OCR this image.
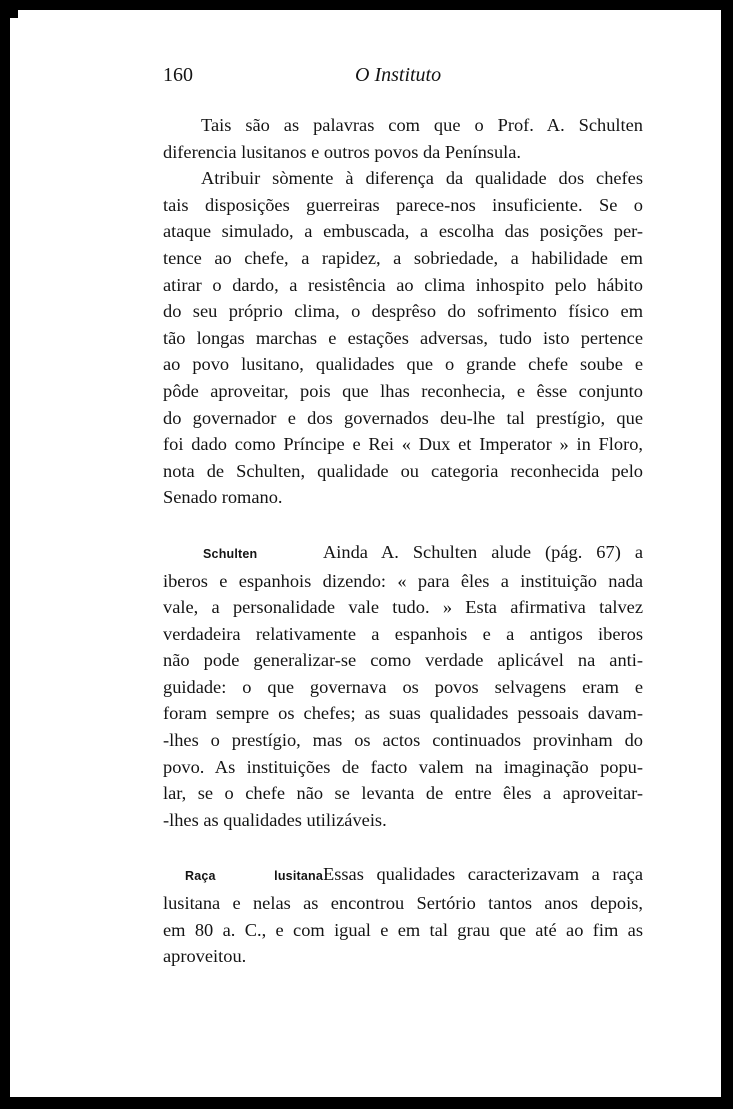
160	O Instituto
Tais são as palavras com que o Prof. A. Schulten
diferencia lusitanos e outros povos da Península.
Atribuir sòmente à diferença da qualidade dos chefes
tais disposições guerreiras parece-nos insuficiente. Se o
ataque simulado, a embuscada, a escolha das posições per-
tence ao chefe, a rapidez, a sobriedade, a habilidade em
atirar o dardo, a resistência ao clima inhospito pelo hábito
do seu próprio clima, o desprêso do sofrimento físico em
tão longas marchas e estações adversas, tudo isto pertence
ao povo lusitano, qualidades que o grande chefe soube e
pôde aproveitar, pois que lhas reconhecia, e êsse conjunto
do governador e dos governados deu-lhe tal prestígio, que
foi dado como Príncipe e Rei « Dux et Imperator » in Floro,
nota de Schulten, qualidade ou categoria reconhecida pelo
Senado romano.
Schulten	Ainda A. Schulten alude (pág. 67) a
iberos e espanhois dizendo: « para êles a instituição nada
vale, a personalidade vale tudo. » Esta afirmativa talvez
verdadeira relativamente a espanhois e a antigos iberos
não pode generalizar-se como verdade aplicável na anti-
guidade: o que governava os povos selvagens eram e
foram sempre os chefes; as suas qualidades pessoais davam-
-lhes o prestígio, mas os actos continuados provinham do
povo. As instituições de facto valem na imaginação popu-
lar, se o chefe não se levanta de entre êles a aproveitar-
-lhes as qualidades utilizáveis.
Raça lusitana Essas qualidades caracterizavam a raça
lusitana e nelas as encontrou Sertório tantos anos depois,
em 80 a. C., e com igual e em tal grau que até ao fim as
aproveitou.
